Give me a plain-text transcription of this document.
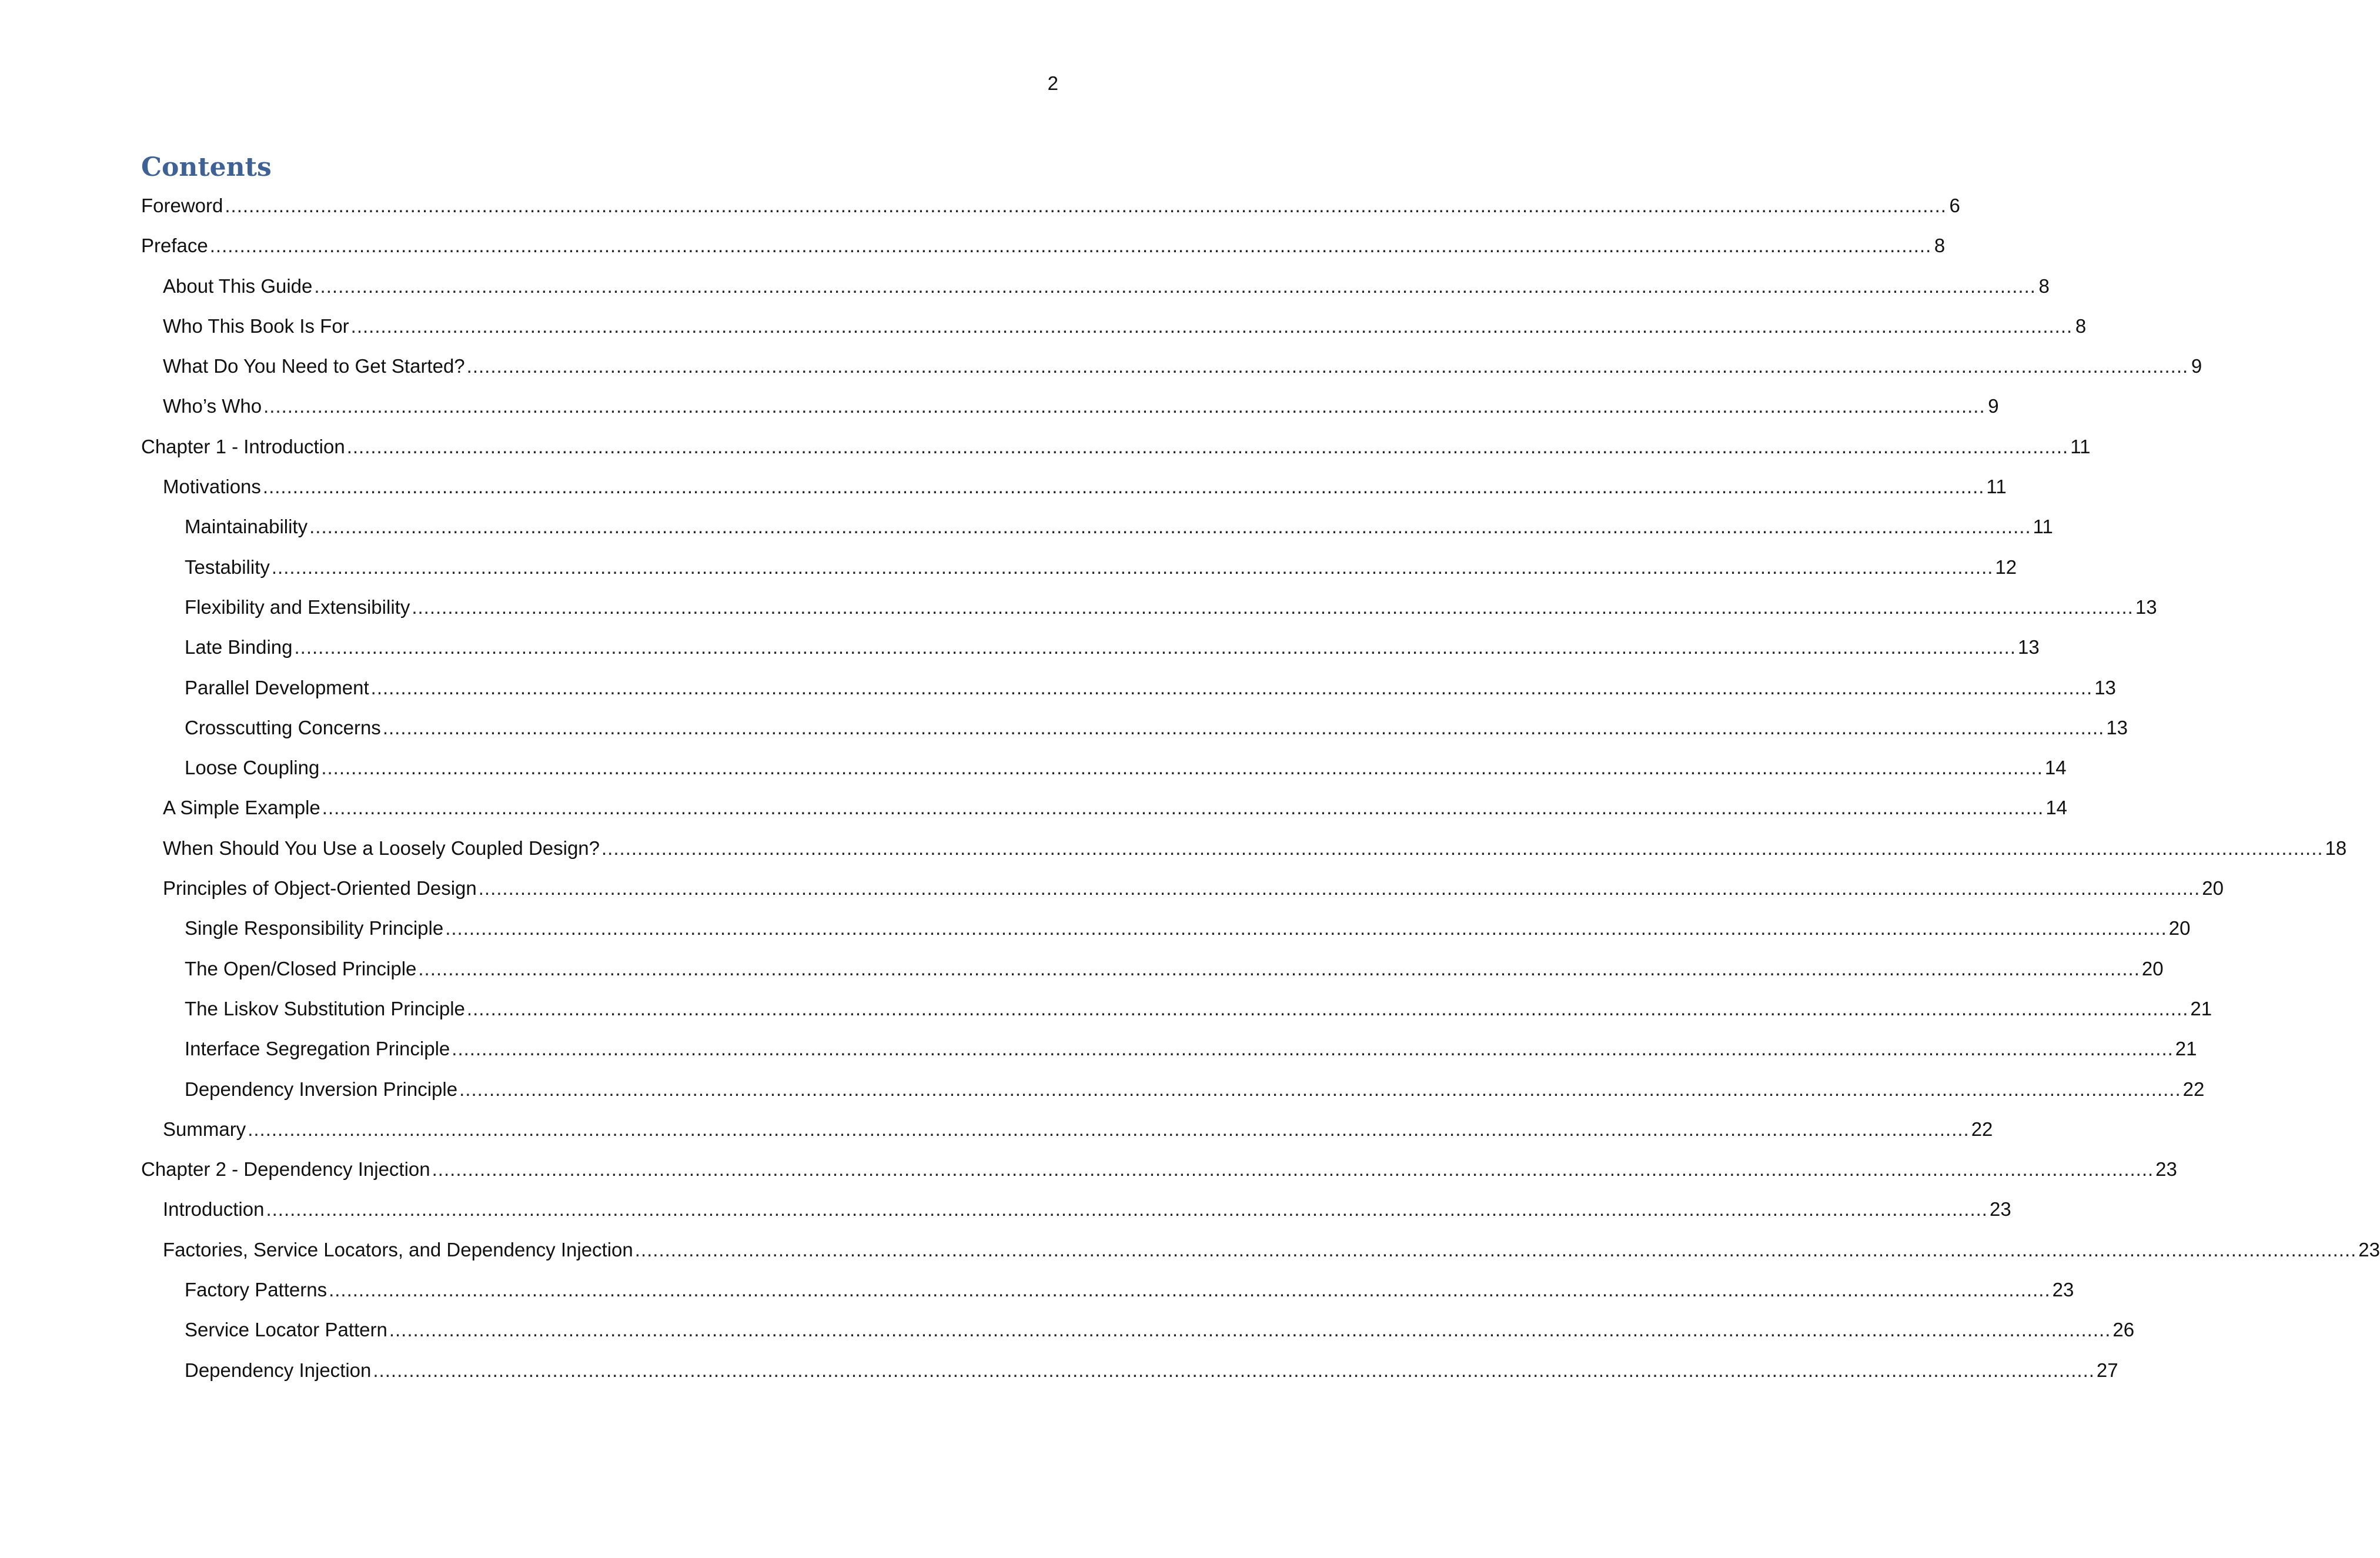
2
Contents
Foreword ................................................................................................................................................................................................................................................................................................ 6
Preface ................................................................................................................................................................................................................................................................................................ 8
About This Guide ................................................................................................................................................................................................................................................................................................ 8
Who This Book Is For ................................................................................................................................................................................................................................................................................................ 8
What Do You Need to Get Started? ................................................................................................................................................................................................................................................................................................ 9
Who’s Who ................................................................................................................................................................................................................................................................................................ 9
Chapter 1 - Introduction ................................................................................................................................................................................................................................................................................................ 11
Motivations ................................................................................................................................................................................................................................................................................................ 11
Maintainability ................................................................................................................................................................................................................................................................................................ 11
Testability ................................................................................................................................................................................................................................................................................................ 12
Flexibility and Extensibility ................................................................................................................................................................................................................................................................................................ 13
Late Binding ................................................................................................................................................................................................................................................................................................ 13
Parallel Development ................................................................................................................................................................................................................................................................................................ 13
Crosscutting Concerns ................................................................................................................................................................................................................................................................................................ 13
Loose Coupling ................................................................................................................................................................................................................................................................................................ 14
A Simple Example ................................................................................................................................................................................................................................................................................................ 14
When Should You Use a Loosely Coupled Design? ................................................................................................................................................................................................................................................................................................ 18
Principles of Object-Oriented Design ................................................................................................................................................................................................................................................................................................ 20
Single Responsibility Principle ................................................................................................................................................................................................................................................................................................ 20
The Open/Closed Principle ................................................................................................................................................................................................................................................................................................ 20
The Liskov Substitution Principle ................................................................................................................................................................................................................................................................................................ 21
Interface Segregation Principle ................................................................................................................................................................................................................................................................................................ 21
Dependency Inversion Principle ................................................................................................................................................................................................................................................................................................ 22
Summary ................................................................................................................................................................................................................................................................................................ 22
Chapter 2 - Dependency Injection ................................................................................................................................................................................................................................................................................................ 23
Introduction ................................................................................................................................................................................................................................................................................................ 23
Factories, Service Locators, and Dependency Injection ................................................................................................................................................................................................................................................................................................ 23
Factory Patterns ................................................................................................................................................................................................................................................................................................ 23
Service Locator Pattern ................................................................................................................................................................................................................................................................................................ 26
Dependency Injection ................................................................................................................................................................................................................................................................................................ 27
